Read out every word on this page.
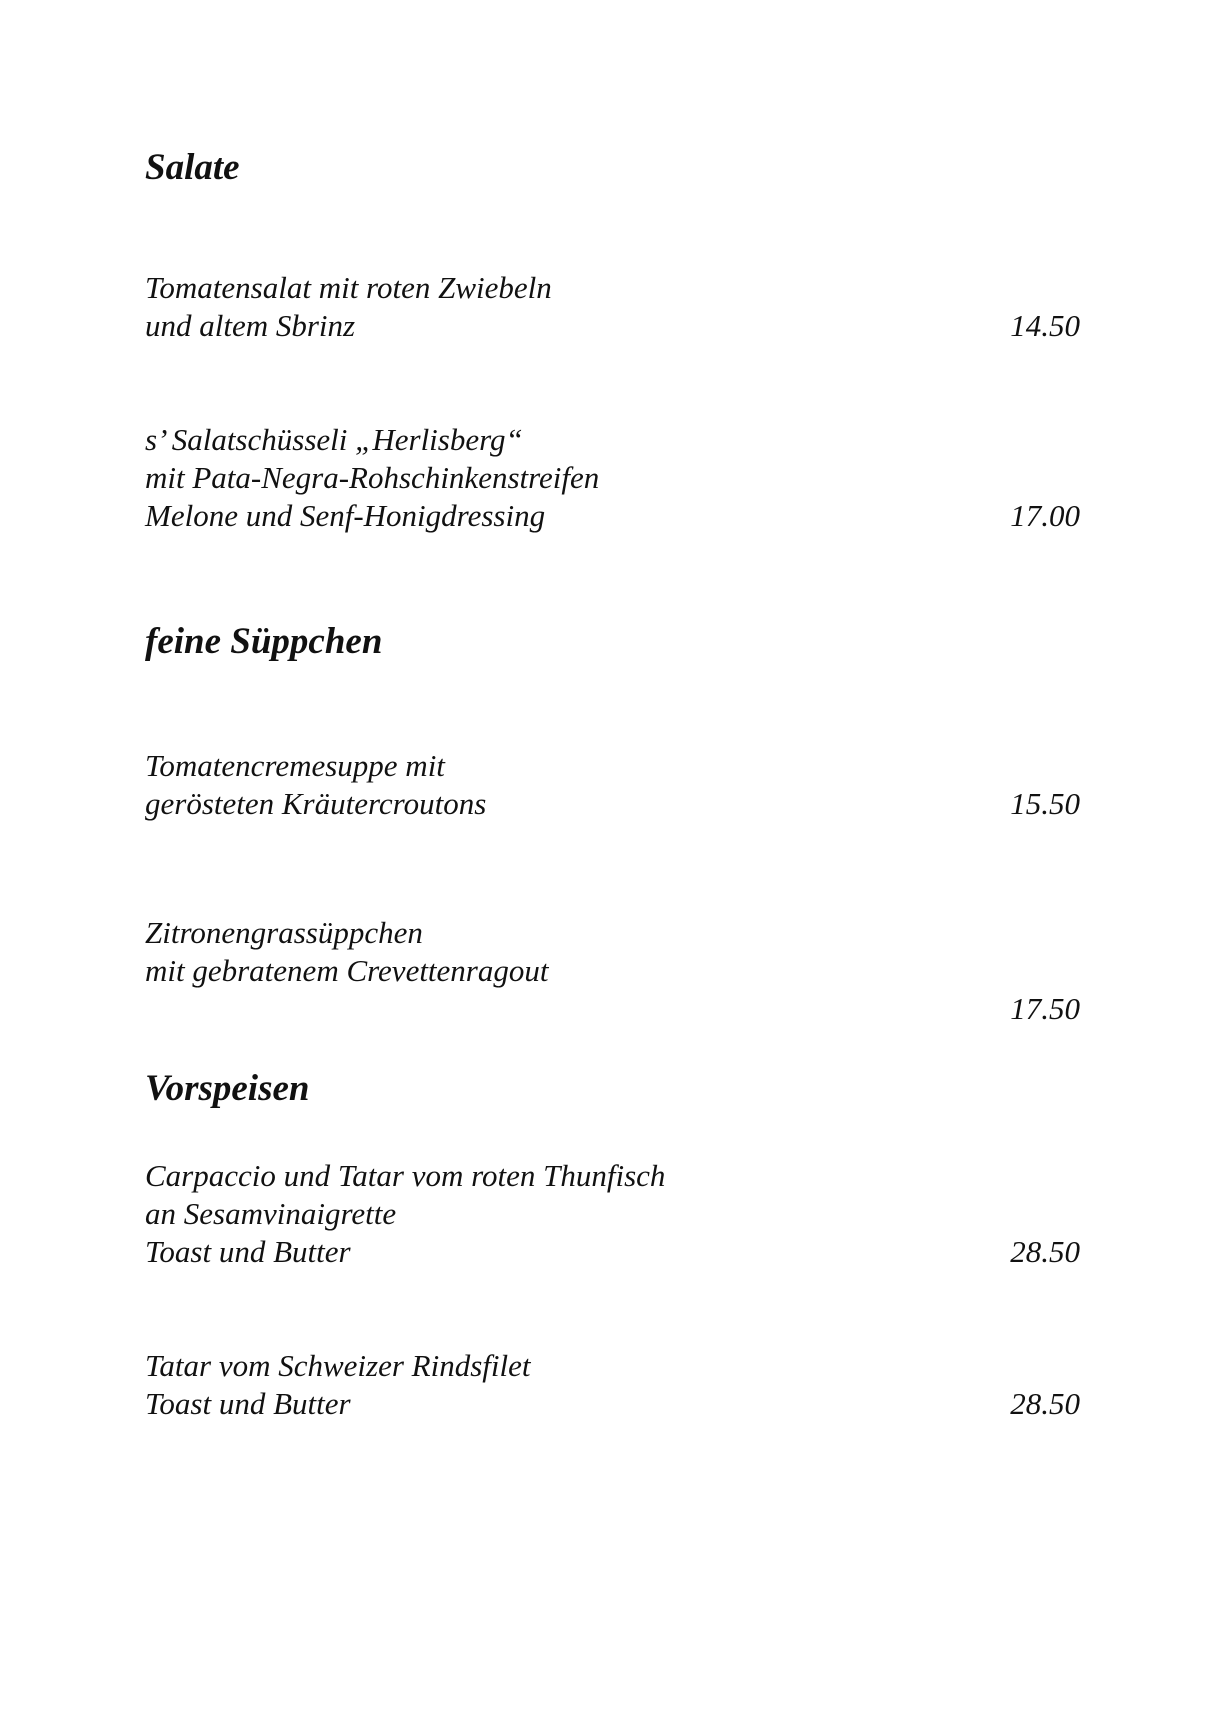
Salate
Tomatensalat mit roten Zwiebeln
und altem Sbrinz	14.50
s’ Salatschüsseli „Herlisberg“
mit Pata-Negra-Rohschinkenstreifen
Melone und Senf-Honigdressing	17.00
feine Süppchen
Tomatencremesuppe mit
gerösteten Kräutercroutons	15.50
Zitronengrassüppchen
mit gebratenem Crevettenragout
17.50
Vorspeisen
Carpaccio und Tatar vom roten Thunfisch
an Sesamvinaigrette
Toast und Butter	28.50
Tatar vom Schweizer Rindsfilet
Toast und Butter	28.50
